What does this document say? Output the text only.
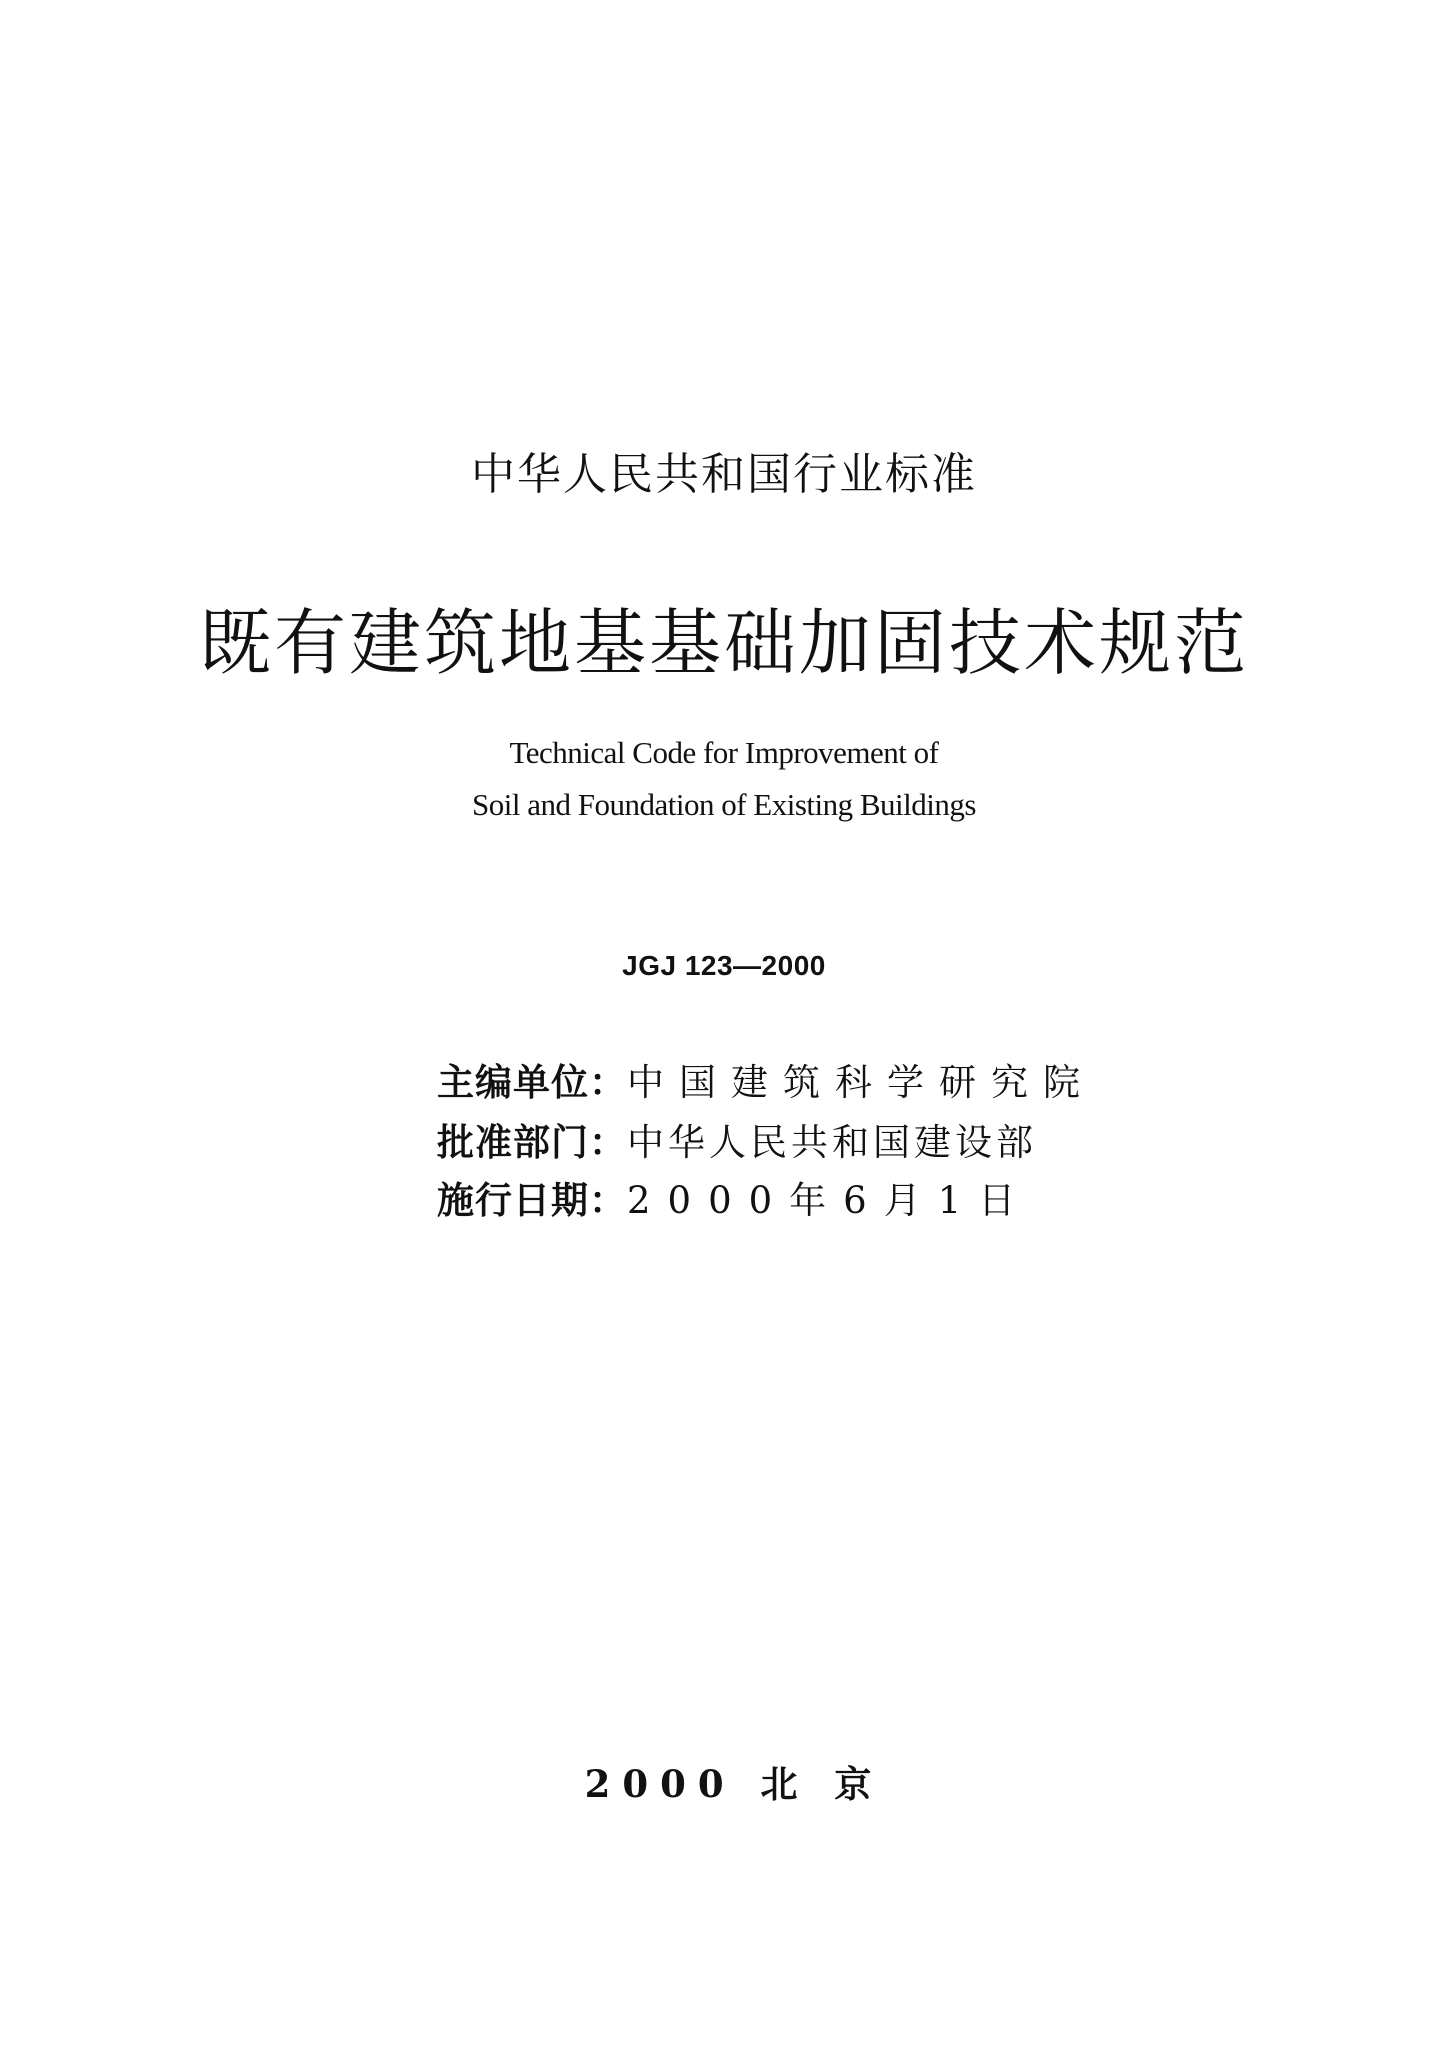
中华人民共和国行业标准
既有建筑地基基础加固技术规范
Technical Code for Improvement of
Soil and Foundation of Existing Buildings
JGJ 123—2000
主编单位：中国建筑科学研究院
批准部门：中华人民共和国建设部
施行日期：2000年6月1日
2000 北 京
